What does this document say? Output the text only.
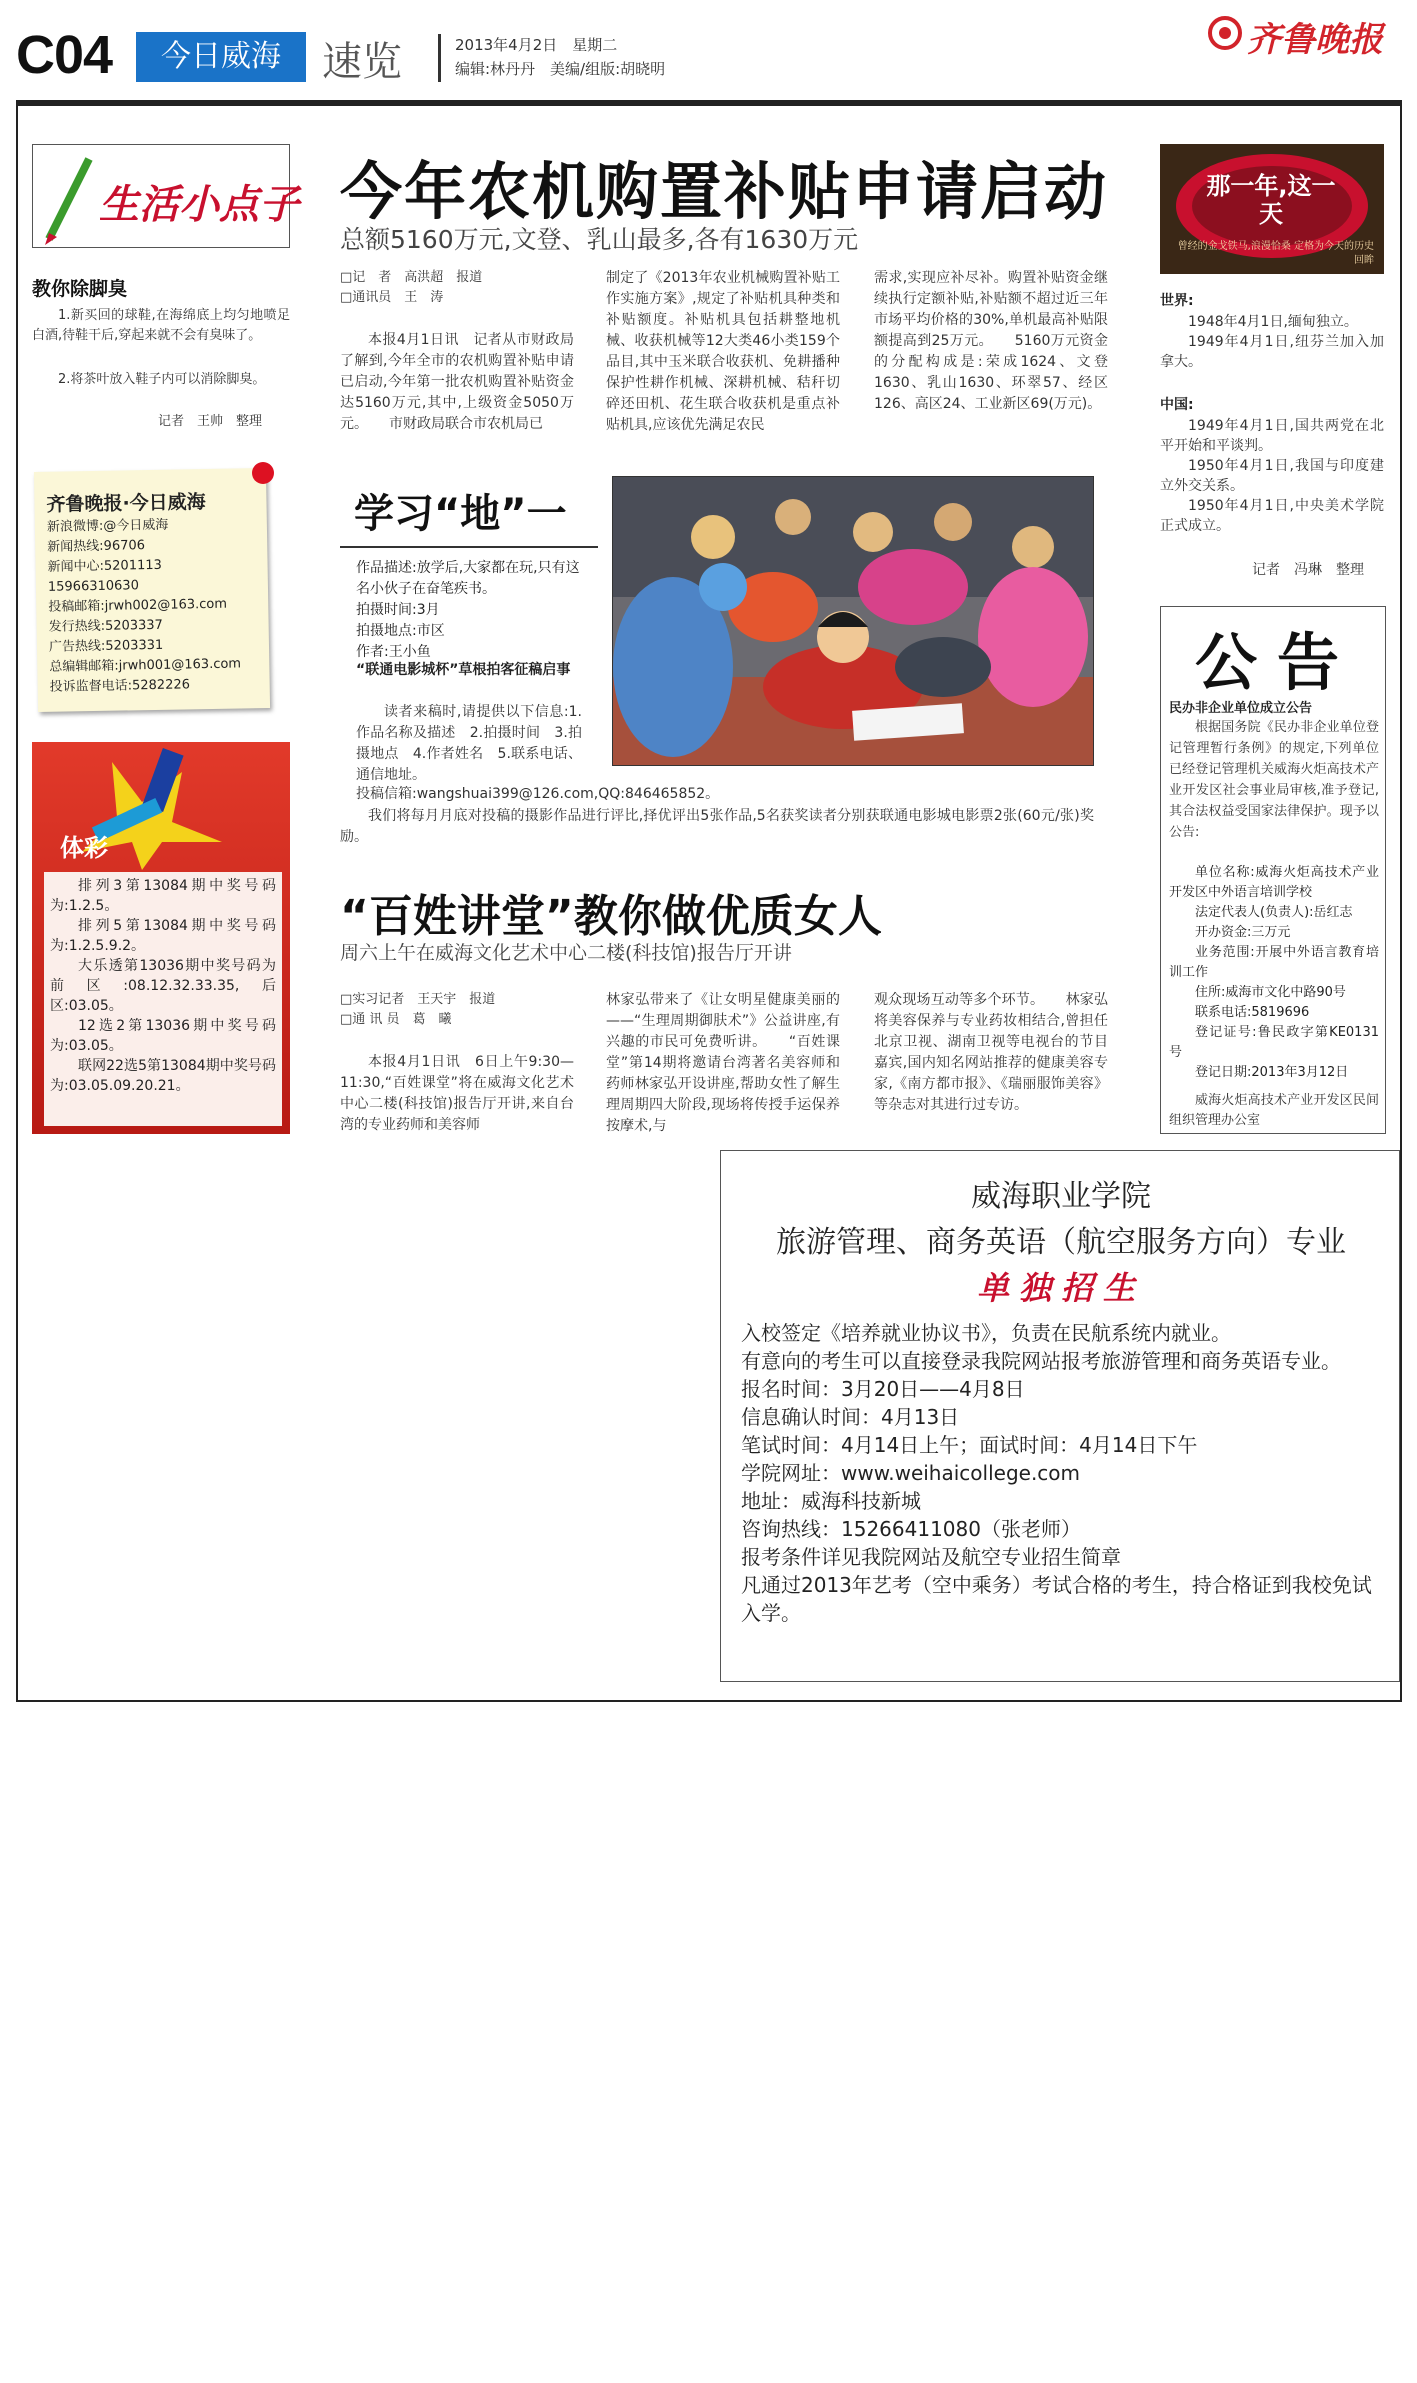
C04	今日威海	速览	2013年4月2日　星期二
编辑:林丹丹　美编/组版:胡晓明
齐鲁晚报
生活小点子
教你除脚臭
1.新买回的球鞋,在海绵底上均匀地喷足白酒,待鞋干后,穿起来就不会有臭味了。
2.将茶叶放入鞋子内可以消除脚臭。
记者　王帅　整理
齐鲁晚报·今日威海
新浪微博:@今日威海
新闻热线:96706
新闻中心:5201113
15966310630
投稿邮箱:jrwh002@163.com
发行热线:5203337
广告热线:5203331
总编辑邮箱:jrwh001@163.com
投诉监督电话:5282226
体彩
排列3第13084期中奖号码为:1.2.5。
排列5第13084期中奖号码为:1.2.5.9.2。
大乐透第13036期中奖号码为前区:08.12.32.33.35,后区:03.05。
12选2第13036期中奖号码为:03.05。
联网22选5第13084期中奖号码为:03.05.09.20.21。
今年农机购置补贴申请启动
总额5160万元,文登、乳山最多,各有1630万元
□记　者　高洪超　报道
□通讯员　王　涛
本报4月1日讯　记者从市财政局了解到,今年全市的农机购置补贴申请已启动,今年第一批农机购置补贴资金达5160万元,其中,上级资金5050万元。　　市财政局联合市农机局已
制定了《2013年农业机械购置补贴工作实施方案》,规定了补贴机具种类和补贴额度。补贴机具包括耕整地机械、收获机械等12大类46小类159个品目,其中玉米联合收获机、免耕播种保护性耕作机械、深耕机械、秸秆切碎还田机、花生联合收获机是重点补贴机具,应该优先满足农民
需求,实现应补尽补。购置补贴资金继续执行定额补贴,补贴额不超过近三年市场平均价格的30%,单机最高补贴限额提高到25万元。　　5160万元资金的分配构成是:荣成1624、文登1630、乳山1630、环翠57、经区126、高区24、工业新区69(万元)。
学习“地”一
作品描述:放学后,大家都在玩,只有这名小伙子在奋笔疾书。
拍摄时间:3月
拍摄地点:市区
作者:王小鱼
“联通电影城杯”草根拍客征稿启事
读者来稿时,请提供以下信息:1.作品名称及描述　2.拍摄时间　3.拍摄地点　4.作者姓名　5.联系电话、通信地址。
投稿信箱:wangshuai399@126.com,QQ:846465852。
我们将每月月底对投稿的摄影作品进行评比,择优评出5张作品,5名获奖读者分别获联通电影城电影票2张(60元/张)奖励。
“百姓讲堂”教你做优质女人
周六上午在威海文化艺术中心二楼(科技馆)报告厅开讲
□实习记者　王天宇　报道
□通 讯 员　葛　曦
本报4月1日讯　6日上午9:30—11:30,“百姓课堂”将在威海文化艺术中心二楼(科技馆)报告厅开讲,来自台湾的专业药师和美容师
林家弘带来了《让女明星健康美丽的——“生理周期御肤术”》公益讲座,有兴趣的市民可免费听讲。　　“百姓课堂”第14期将邀请台湾著名美容师和药师林家弘开设讲座,帮助女性了解生理周期四大阶段,现场将传授手运保养按摩术,与
观众现场互动等多个环节。　　林家弘将美容保养与专业药妆相结合,曾担任北京卫视、湖南卫视等电视台的节目嘉宾,国内知名网站推荐的健康美容专家,《南方都市报》、《瑞丽服饰美容》等杂志对其进行过专访。
那一年,这一天
曾经的金戈铁马,浪漫恰桑 定格为今天的历史回眸
世界:
1948年4月1日,缅甸独立。
1949年4月1日,纽芬兰加入加拿大。
中国:
1949年4月1日,国共两党在北平开始和平谈判。
1950年4月1日,我国与印度建立外交关系。
1950年4月1日,中央美术学院正式成立。
记者　冯琳　整理
公告
民办非企业单位成立公告
根据国务院《民办非企业单位登记管理暂行条例》的规定,下列单位已经登记管理机关威海火炬高技术产业开发区社会事业局审核,准予登记,其合法权益受国家法律保护。现予以公告:
单位名称:威海火炬高技术产业开发区中外语言培训学校
法定代表人(负责人):岳红志
开办资金:三万元
业务范围:开展中外语言教育培训工作
住所:威海市文化中路90号
联系电话:5819696
登记证号:鲁民政字第KE0131号
登记日期:2013年3月12日
威海火炬高技术产业开发区民间组织管理办公室
威海职业学院
旅游管理、商务英语（航空服务方向）专业
单独招生
入校签定《培养就业协议书》，负责在民航系统内就业。
有意向的考生可以直接登录我院网站报考旅游管理和商务英语专业。
报名时间：3月20日——4月8日
信息确认时间：4月13日
笔试时间：4月14日上午；面试时间：4月14日下午
学院网址：www.weihaicollege.com
地址：威海科技新城
咨询热线：15266411080（张老师）
报考条件详见我院网站及航空专业招生简章
凡通过2013年艺考（空中乘务）考试合格的考生，持合格证到我校免试入学。
